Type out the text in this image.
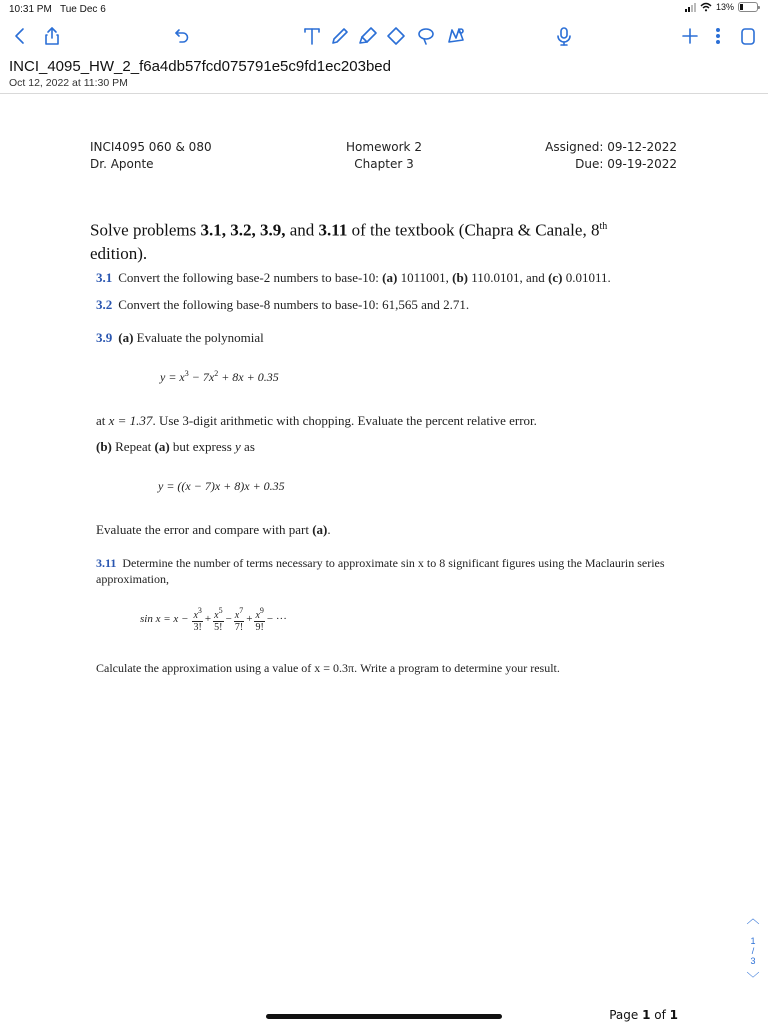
10:31 PM Tue Dec 6	13%
INCI_4095_HW_2_f6a4db57fcd075791e5c9fd1ec203bed
Oct 12, 2022 at 11:30 PM
INCI4095 060 & 080
Dr. Aponte
Homework 2
Chapter 3
Assigned: 09-12-2022
Due: 09-19-2022
Solve problems 3.1, 3.2, 3.9, and 3.11 of the textbook (Chapra & Canale, 8th
edition).
3.1 Convert the following base-2 numbers to base-10: (a) 1011001, (b) 110.0101, and (c) 0.01011.
3.2 Convert the following base-8 numbers to base-10: 61,565 and 2.71.
3.9 (a) Evaluate the polynomial
$y = x^3 - 7x^2 + 8x + 0.35$
at x = 1.37. Use 3-digit arithmetic with chopping. Evaluate the percent relative error.
(b) Repeat (a) but express y as
y = ((x − 7)x + 8)x + 0.35
Evaluate the error and compare with part (a).
3.11 Determine the number of terms necessary to approximate sin x to 8 significant figures using the Maclaurin series approximation,
$\sin x = x - \frac{x^3}{3!} + \frac{x^5}{5!} - \frac{x^7}{7!} + \frac{x^9}{9!}$ − ···
Calculate the approximation using a value of x = 0.3π. Write a program to determine your result.
︿
1
/
3
﹀
Page 1 of 1
